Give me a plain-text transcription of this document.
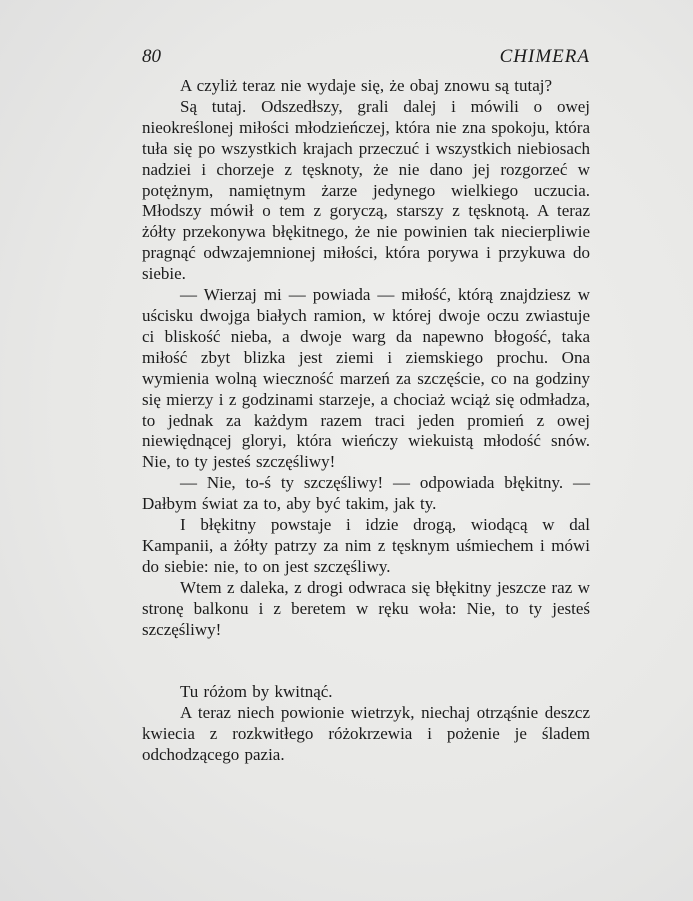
80	CHIMERA

A czyliż teraz nie wydaje się, że obaj znowu są tutaj?

Są tutaj. Odszedłszy, grali dalej i mówili o owej nieokreślonej miłości młodzieńczej, która nie zna spokoju, która tuła się po wszystkich krajach przeczuć i wszystkich niebiosach nadziei i chorzeje z tęsknoty, że nie dano jej rozgorzeć w potężnym, namiętnym żarze jedynego wielkiego uczucia. Młodszy mówił o tem z goryczą, starszy z tęsknotą. A teraz żółty przekonywa błękitnego, że nie powinien tak niecierpliwie pragnąć odwzajemnionej miłości, która porywa i przykuwa do siebie.

— Wierzaj mi — powiada — miłość, którą znajdziesz w uścisku dwojga białych ramion, w której dwoje oczu zwiastuje ci bliskość nieba, a dwoje warg da napewno błogość, taka miłość zbyt blizka jest ziemi i ziemskiego prochu. Ona wymienia wolną wieczność marzeń za szczęście, co na godziny się mierzy i z godzinami starzeje, a chociaż wciąż się odmładza, to jednak za każdym razem traci jeden promień z owej niewiędnącej gloryi, która wieńczy wiekuistą młodość snów. Nie, to ty jesteś szczęśliwy!

— Nie, to-ś ty szczęśliwy! — odpowiada błękitny. — Dałbym świat za to, aby być takim, jak ty.

I błękitny powstaje i idzie drogą, wiodącą w dal Kampanii, a żółty patrzy za nim z tęsknym uśmiechem i mówi do siebie: nie, to on jest szczęśliwy.

Wtem z daleka, z drogi odwraca się błękitny jeszcze raz w stronę balkonu i z beretem w ręku woła: Nie, to ty jesteś szczęśliwy!

Tu różom by kwitnąć.

A teraz niech powionie wietrzyk, niechaj otrząśnie deszcz kwiecia z rozkwitłego różokrzewia i pożenie je śladem odchodzącego pazia.
